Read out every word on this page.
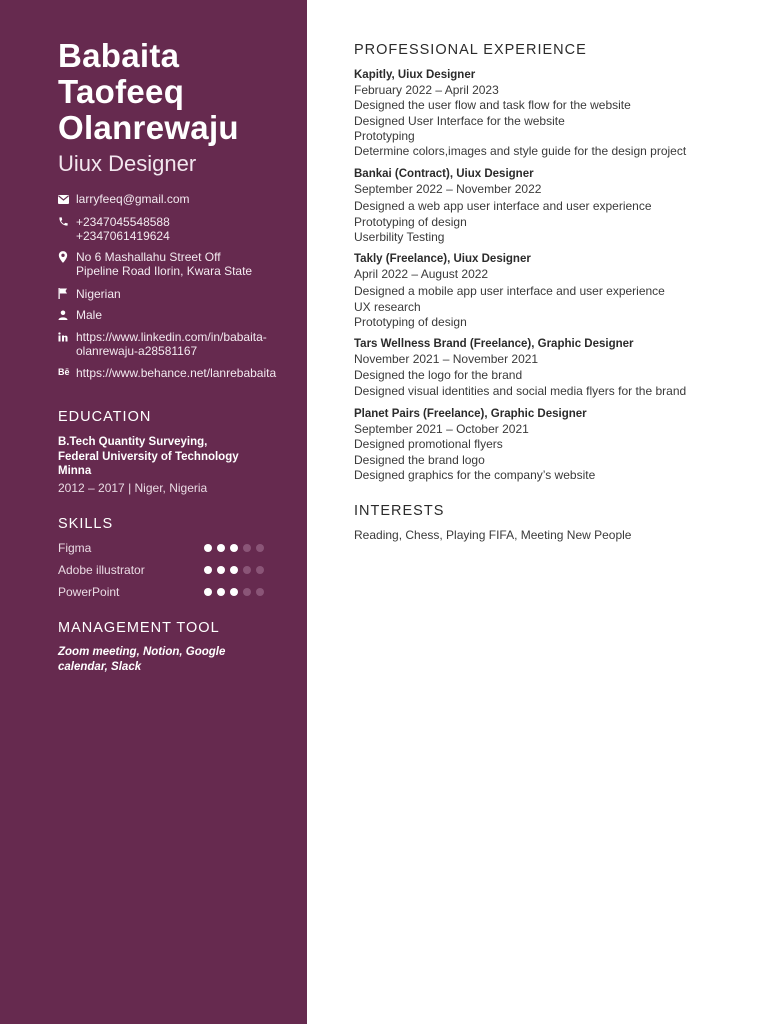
Babaita
Taofeeq
Olanrewaju
Uiux Designer
larryfeeq@gmail.com
+2347045548588
+2347061419624
No 6 Mashallahu Street Off
Pipeline Road Ilorin, Kwara State
Nigerian
Male
https://www.linkedin.com/in/babaita-
olanrewaju-a28581167
Bē https://www.behance.net/lanrebabaita
EDUCATION
B.Tech Quantity Surveying,
Federal University of Technology
Minna
2012 – 2017 | Niger, Nigeria
SKILLS
Figma
Adobe illustrator
PowerPoint
MANAGEMENT TOOL
Zoom meeting, Notion, Google calendar, Slack
PROFESSIONAL EXPERIENCE
Kapitly, Uiux Designer
February 2022 – April 2023
Designed the user flow and task flow for the website
Designed User Interface for the website
Prototyping
Determine colors,images and style guide for the design project
Bankai (Contract), Uiux Designer
September 2022 – November 2022
Designed a web app user interface and user experience
Prototyping of design
Userbility Testing
Takly (Freelance), Uiux Designer
April 2022 – August 2022
Designed a mobile app user interface and user experience
UX research
Prototyping of design
Tars Wellness Brand (Freelance), Graphic Designer
November 2021 – November 2021
Designed the logo for the brand
Designed visual identities and social media flyers for the brand
Planet Pairs (Freelance), Graphic Designer
September 2021 – October 2021
Designed promotional flyers
Designed the brand logo
Designed graphics for the company’s website
INTERESTS
Reading, Chess, Playing FIFA, Meeting New People
